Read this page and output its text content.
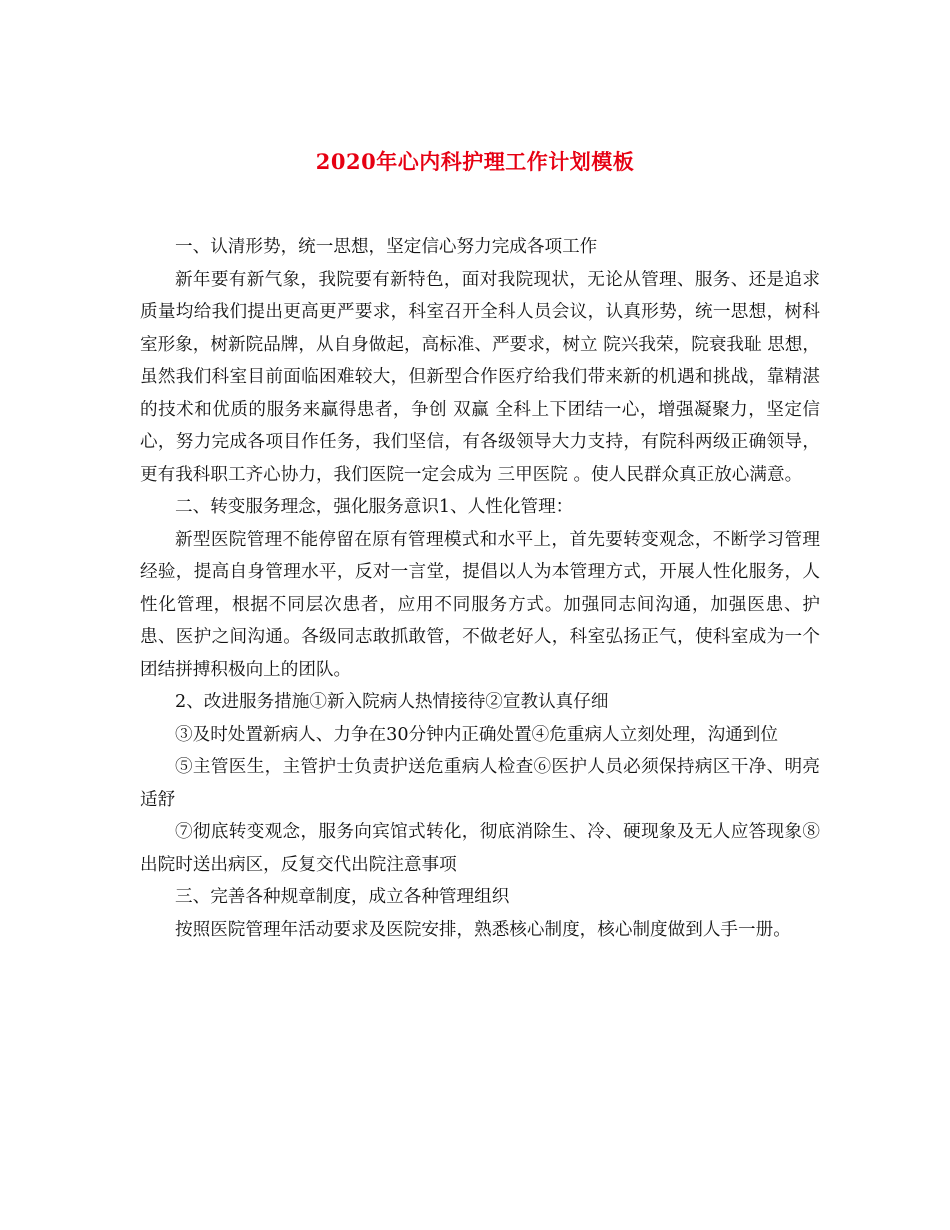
2020年心内科护理工作计划模板

一、认清形势，统一思想，坚定信心努力完成各项工作

新年要有新气象，我院要有新特色，面对我院现状，无论从管理、服务、还是追求质量均给我们提出更高更严要求，科室召开全科人员会议，认真形势，统一思想，树科室形象，树新院品牌，从自身做起，高标准、严要求，树立 院兴我荣，院衰我耻 思想，虽然我们科室目前面临困难较大，但新型合作医疗给我们带来新的机遇和挑战，靠精湛的技术和优质的服务来赢得患者，争创 双赢 全科上下团结一心，增强凝聚力，坚定信心，努力完成各项目作任务，我们坚信，有各级领导大力支持，有院科两级正确领导，更有我科职工齐心协力，我们医院一定会成为 三甲医院 。使人民群众真正放心满意。

二、转变服务理念，强化服务意识1、人性化管理：

新型医院管理不能停留在原有管理模式和水平上，首先要转变观念，不断学习管理经验，提高自身管理水平，反对一言堂，提倡以人为本管理方式，开展人性化服务，人性化管理，根据不同层次患者，应用不同服务方式。加强同志间沟通，加强医患、护患、医护之间沟通。各级同志敢抓敢管，不做老好人，科室弘扬正气，使科室成为一个团结拼搏积极向上的团队。

2、改进服务措施①新入院病人热情接待②宣教认真仔细

③及时处置新病人、力争在30分钟内正确处置④危重病人立刻处理，沟通到位

⑤主管医生，主管护士负责护送危重病人检查⑥医护人员必须保持病区干净、明亮适舒

⑦彻底转变观念，服务向宾馆式转化，彻底消除生、冷、硬现象及无人应答现象⑧出院时送出病区，反复交代出院注意事项

三、完善各种规章制度，成立各种管理组织

按照医院管理年活动要求及医院安排，熟悉核心制度，核心制度做到人手一册。
